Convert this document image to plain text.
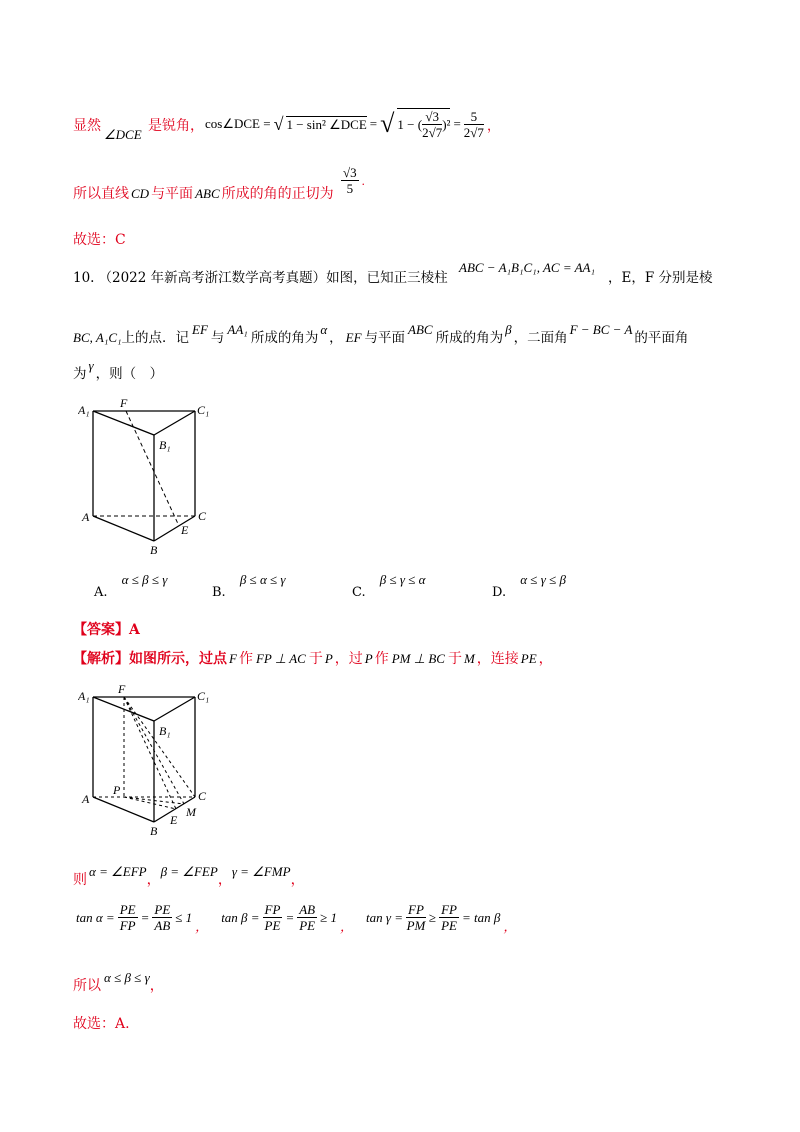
显然
∠DCE
是锐角， cos∠DCE = √ 1 − sin² ∠DCE = √ 1 − ( $\frac{√3}{2√7} )^2 = \frac{5}{2√7}$ ，
所以直线 CD 与平面 ABC 所成的角的正切为 $\frac{√3}{5}$ .
故选：C
10. （2022 年新高考浙江数学高考真题）如图，已知正三棱柱
ABC − A₁B₁C₁, AC = AA₁
，E，F 分别是棱
BC, A₁C₁ 上的点．记
EF
与
AA₁
所成的角为
α
， EF 与平面
ABC
所成的角为
β
，二面角
F − BC − A
的平面角
为
γ
，则（　）
A₁	F	C₁
B₁
A	C
E
B
A. α ≤ β ≤ γ
B. β ≤ α ≤ γ
C. β ≤ γ ≤ α
D. α ≤ γ ≤ β
【答案】A
【解析】如图所示，过点 F 作 FP ⊥ AC 于 P ，过 P 作 PM ⊥ BC 于 M ，连接 PE ，
A₁ F	C₁
B₁
A
P	C
M
E
B
则
α = ∠EFP
，
β = ∠FEP
，
γ = ∠FMP
，
$\tan \alpha = \frac{PE}{FP} = \frac{PE}{AB} \le 1$
，
$\tan \beta = \frac{FP}{PE} = \frac{AB}{PE} \ge 1$
，
$\tan \gamma = \frac{FP}{PM} \ge \frac{FP}{PE} = \tan \beta$
，
所以
α ≤ β ≤ γ
，
故选：A.
